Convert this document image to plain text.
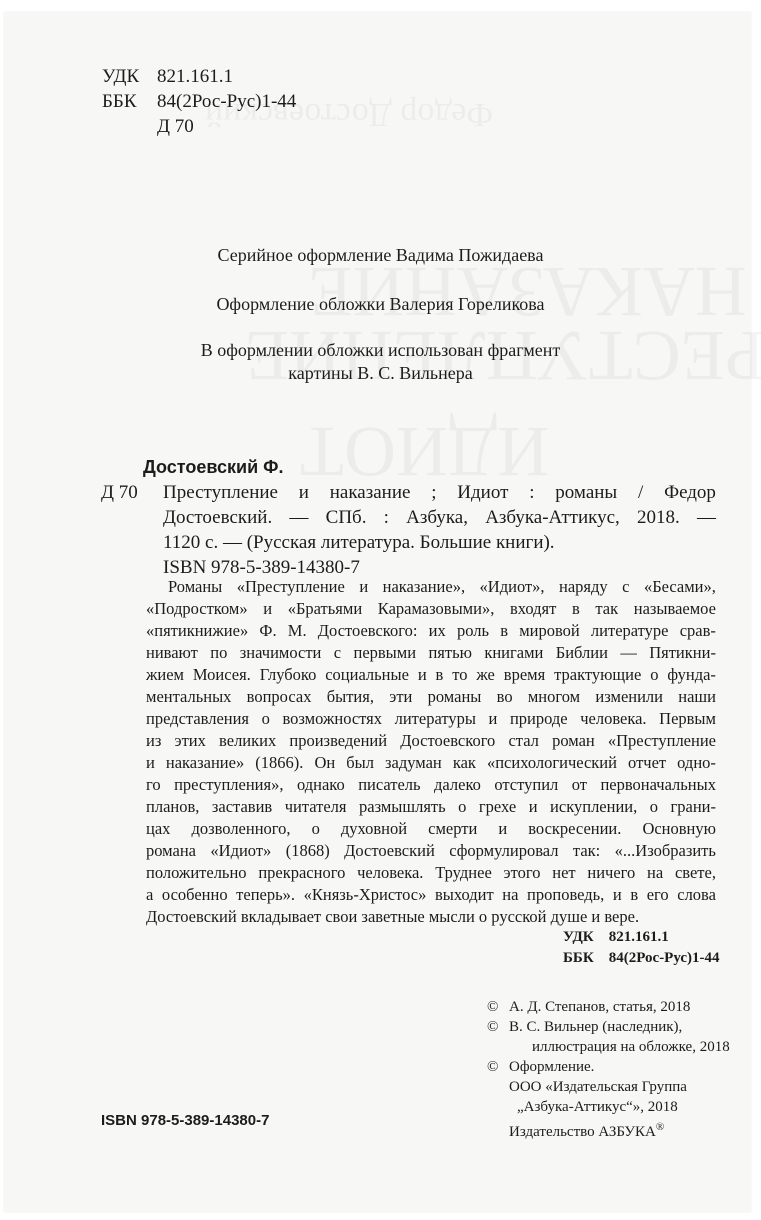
УДК 821.161.1
ББК	84(2Рос-Рус)1-44
Д 70
Серийное оформление Вадима Пожидаева
Оформление обложки Валерия Гореликова
В оформлении обложки использован фрагмент
картины В. С. Вильнера
Достоевский Ф.
Д 70	Преступление и наказание ; Идиот : романы / Федор
Достоевский. — СПб. : Азбука, Азбука-Аттикус, 2018. —
1120 с. — (Русская литература. Большие книги).
ISBN 978-5-389-14380-7
Романы «Преступление и наказание», «Идиот», наряду с «Бесами»,
«Подростком» и «Братьями Карамазовыми», входят в так называемое
«пятикнижие» Ф. М. Достоевского: их роль в мировой литературе срав-
нивают по значимости с первыми пятью книгами Библии — Пятикни-
жием Моисея. Глубоко социальные и в то же время трактующие о фунда-
ментальных вопросах бытия, эти романы во многом изменили наши
представления о возможностях литературы и природе человека. Первым
из этих великих произведений Достоевского стал роман «Преступление
и наказание» (1866). Он был задуман как «психологический отчет одно-
го преступления», однако писатель далеко отступил от первоначальных
планов, заставив читателя размышлять о грехе и искуплении, о грани-
цах дозволенного, о духовной смерти и воскресении. Основную
романа «Идиот» (1868) Достоевский сформулировал так: «...Изобразить
положительно прекрасного человека. Труднее этого нет ничего на свете,
а особенно теперь». «Князь-Христос» выходит на проповедь, и в его слова
Достоевский вкладывает свои заветные мысли о русской душе и вере.
УДК 821.161.1
ББК 84(2Рос-Рус)1-44
© А. Д. Степанов, статья, 2018
© В. С. Вильнер (наследник),
иллюстрация на обложке, 2018
© Оформление.
ООО «Издательская Группа
„Азбука-Аттикус“», 2018
Издательство АЗБУКА®
ISBN 978-5-389-14380-7
